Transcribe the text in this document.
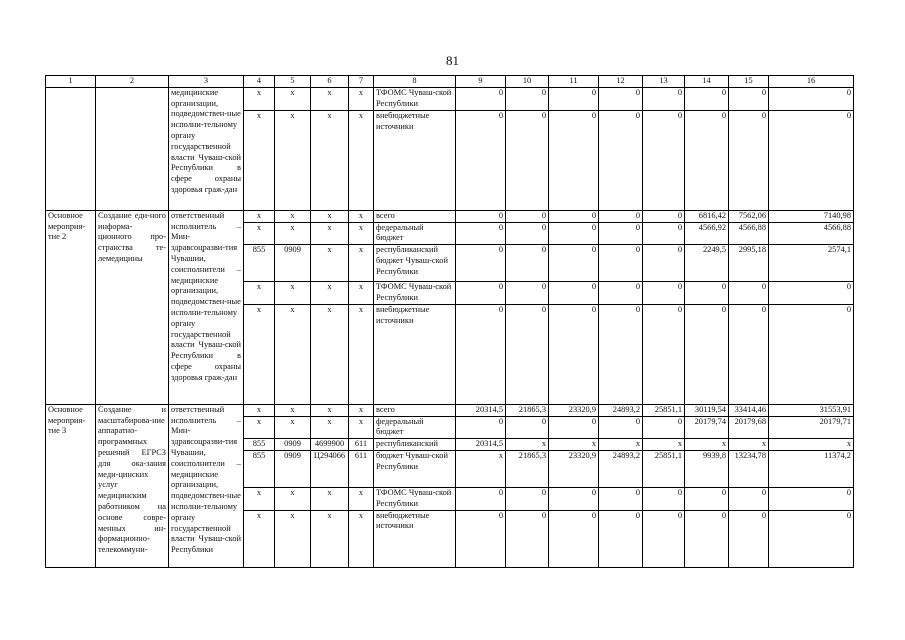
81
1	2	3	4	5	6	7	8	9	10	11	12	13	14	15	16
		медицинские организации, подведомствен-ные исполни-тельному органу государственной власти Чуваш-ской Республики в сфере охраны здоровья граж-дан	x	x	x	x	ТФОМС Чуваш-ской Республики	0	0	0	0	0	0	0	0
			x	x	x	x	внебюджетные источники	0	0	0	0	0	0	0	0
Основное мероприя-тие 2	Создание еди-ного информа-ционного про-странства те-лемедицины	ответственный исполнитель – Мин-здравсоцразви-тия Чувашии, соисполнители – медицинские организации, подведомствен-ные исполни-тельному органу государственной власти Чуваш-ской Республики в сфере охраны здоровья граж-дан	x	x	x	x	всего	0	0	0	0	0	6816,42	7562,06	7140,98
			x	x	x	x	федеральный бюджет	0	0	0	0	0	4566,92	4566,88	4566,88
			855	0909	x	x	республиканский бюджет Чуваш-ской Республики	0	0	0	0	0	2249,5	2995,18	2574,1
			x	x	x	x	ТФОМС Чуваш-ской Республики	0	0	0	0	0	0	0	0
			x	x	x	x	внебюджетные источники	0	0	0	0	0	0	0	0
Основное мероприя-тие 3	Создание и масштабирова-ние аппаратно-программных решений ЕГРСЗ для ока-зания меди-цинских услуг медицинским работником на основе совре-менных ин-формационно-телекоммуни-	ответственный исполнитель – Мин-здравсоцразви-тия Чувашии, соисполнители – медицинские организации, подведомствен-ные исполни-тельному органу государственной власти Чуваш-ской Республики	x	x	x	x	всего	20314,5	21865,3	23320,9	24893,2	25851,1	30119,54	33414,46	31553,91
			x	x	x	x	федеральный бюджет	0	0	0	0	0	20179,74	20179,68	20179,71
			855	0909	4699900	611	республиканский	20314,5	x	x	x	x	x	x	x
			855	0909	Ц294066	611	бюджет Чуваш-ской Республики	x	21865,3	23320,9	24893,2	25851,1	9939,8	13234,78	11374,2
			x	x	x	x	ТФОМС Чуваш-ской Республики	0	0	0	0	0	0	0	0
			x	x	x	x	внебюджетные источники	0	0	0	0	0	0	0	0
